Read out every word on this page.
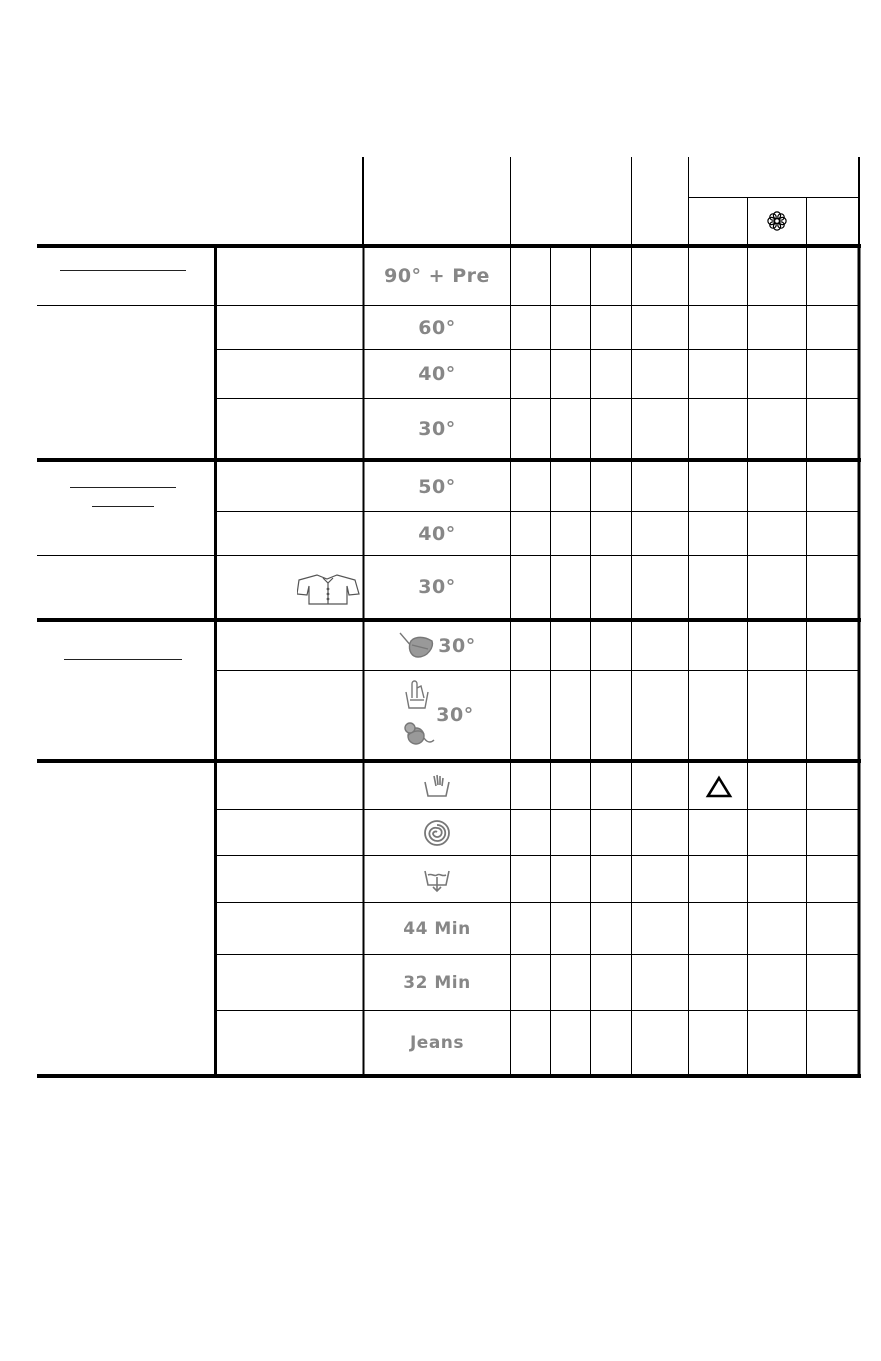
90° + Pre
60°
40°
30°
50°
40°
30°
30°
30°
44 Min
32 Min
Jeans
